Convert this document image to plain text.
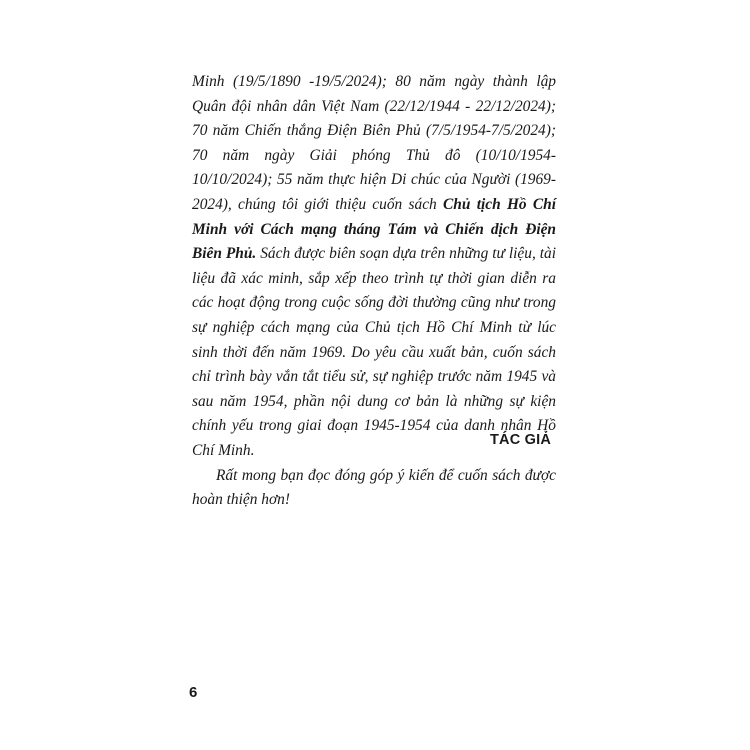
Minh (19/5/1890 -19/5/2024); 80 năm ngày thành lập Quân đội nhân dân Việt Nam (22/12/1944 - 22/12/2024); 70 năm Chiến thắng Điện Biên Phủ (7/5/1954-7/5/2024); 70 năm ngày Giải phóng Thủ đô (10/10/1954-10/10/2024); 55 năm thực hiện Di chúc của Người (1969-2024), chúng tôi giới thiệu cuốn sách Chủ tịch Hồ Chí Minh với Cách mạng tháng Tám và Chiến dịch Điện Biên Phủ. Sách được biên soạn dựa trên những tư liệu, tài liệu đã xác minh, sắp xếp theo trình tự thời gian diễn ra các hoạt động trong cuộc sống đời thường cũng như trong sự nghiệp cách mạng của Chủ tịch Hồ Chí Minh từ lúc sinh thời đến năm 1969. Do yêu cầu xuất bản, cuốn sách chỉ trình bày vắn tắt tiểu sử, sự nghiệp trước năm 1945 và sau năm 1954, phần nội dung cơ bản là những sự kiện chính yếu trong giai đoạn 1945-1954 của danh nhân Hồ Chí Minh.

Rất mong bạn đọc đóng góp ý kiến để cuốn sách được hoàn thiện hơn!

TÁC GIẢ
6
